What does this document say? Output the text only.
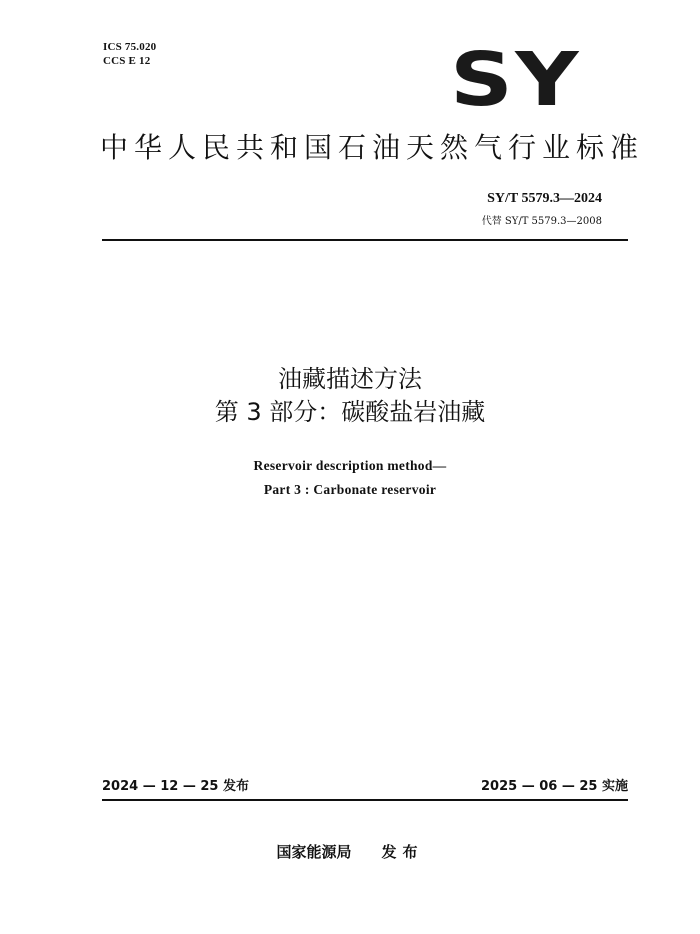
ICS 75.020
CCS E 12	SY
中华人民共和国石油天然气行业标准
SY/T 5579.3—2024
代替 SY/T 5579.3—2008
油藏描述方法
第 3 部分：碳酸盐岩油藏
Reservoir description method—
Part 3 : Carbonate reservoir
2024 — 12 — 25 发布	2025 — 06 — 25 实施
国家能源局 发布
